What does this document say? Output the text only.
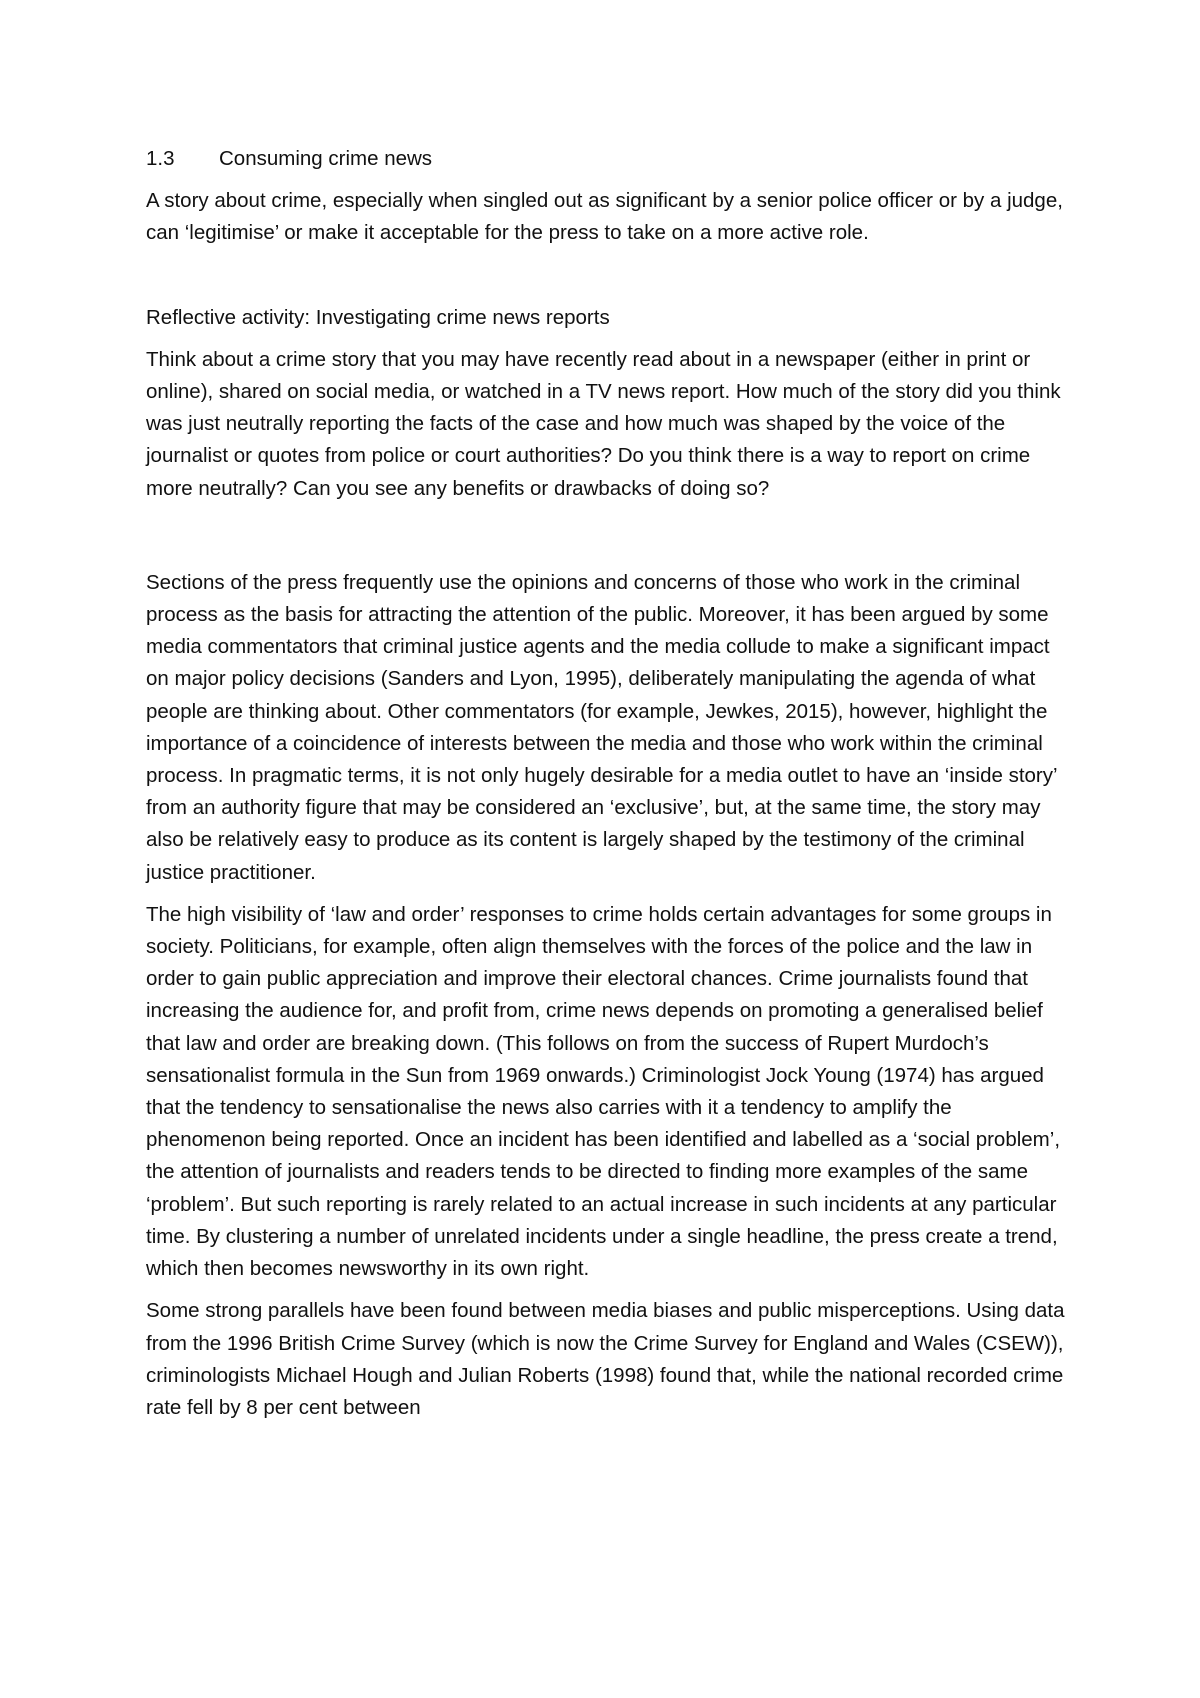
1.3	Consuming crime news

A story about crime, especially when singled out as significant by a senior police officer or by a judge, can ‘legitimise’ or make it acceptable for the press to take on a more active role.

Reflective activity: Investigating crime news reports

Think about a crime story that you may have recently read about in a newspaper (either in print or online), shared on social media, or watched in a TV news report. How much of the story did you think was just neutrally reporting the facts of the case and how much was shaped by the voice of the journalist or quotes from police or court authorities? Do you think there is a way to report on crime more neutrally? Can you see any benefits or drawbacks of doing so?

Sections of the press frequently use the opinions and concerns of those who work in the criminal process as the basis for attracting the attention of the public. Moreover, it has been argued by some media commentators that criminal justice agents and the media collude to make a significant impact on major policy decisions (Sanders and Lyon, 1995), deliberately manipulating the agenda of what people are thinking about. Other commentators (for example, Jewkes, 2015), however, highlight the importance of a coincidence of interests between the media and those who work within the criminal process. In pragmatic terms, it is not only hugely desirable for a media outlet to have an ‘inside story’ from an authority figure that may be considered an ‘exclusive’, but, at the same time, the story may also be relatively easy to produce as its content is largely shaped by the testimony of the criminal justice practitioner.

The high visibility of ‘law and order’ responses to crime holds certain advantages for some groups in society. Politicians, for example, often align themselves with the forces of the police and the law in order to gain public appreciation and improve their electoral chances. Crime journalists found that increasing the audience for, and profit from, crime news depends on promoting a generalised belief that law and order are breaking down. (This follows on from the success of Rupert Murdoch’s sensationalist formula in the Sun from 1969 onwards.) Criminologist Jock Young (1974) has argued that the tendency to sensationalise the news also carries with it a tendency to amplify the phenomenon being reported. Once an incident has been identified and labelled as a ‘social problem’, the attention of journalists and readers tends to be directed to finding more examples of the same ‘problem’. But such reporting is rarely related to an actual increase in such incidents at any particular time. By clustering a number of unrelated incidents under a single headline, the press create a trend, which then becomes newsworthy in its own right.

Some strong parallels have been found between media biases and public misperceptions. Using data from the 1996 British Crime Survey (which is now the Crime Survey for England and Wales (CSEW)), criminologists Michael Hough and Julian Roberts (1998) found that, while the national recorded crime rate fell by 8 per cent between
